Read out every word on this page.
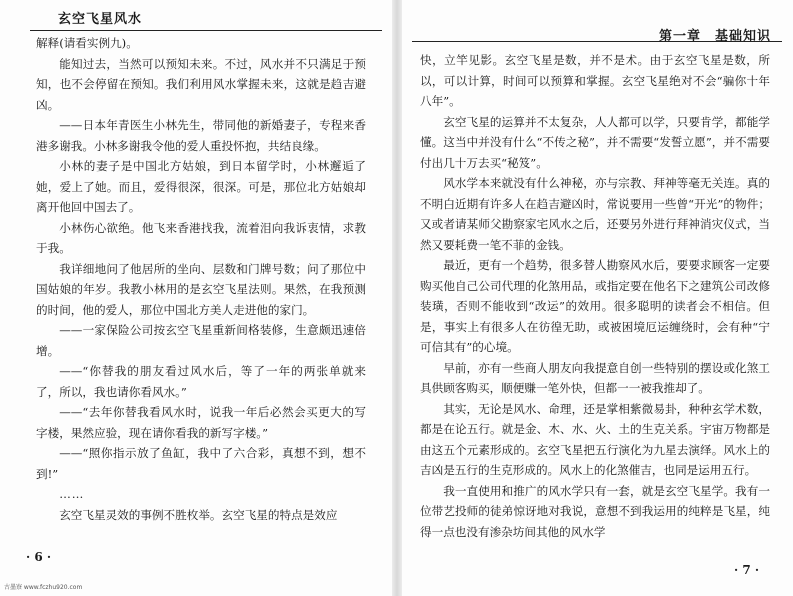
玄空飞星风水

解释(请看实例九)。

能知过去，当然可以预知未来。不过，风水并不只满足于预知，也不会停留在预知。我们利用风水掌握未来，这就是趋吉避凶。

——日本年青医生小林先生，带同他的新婚妻子，专程来香港多谢我。小林多谢我令他的爱人重投怀抱，共结良缘。

小林的妻子是中国北方姑娘，到日本留学时，小林邂逅了她，爱上了她。而且，爱得很深，很深。可是，那位北方姑娘却离开他回中国去了。

小林伤心欲绝。他飞来香港找我，流着泪向我诉衷情，求教于我。

我详细地问了他居所的坐向、层数和门牌号数；问了那位中国姑娘的年岁。我教小林用的是玄空飞星法则。果然，在我预测的时间，他的爱人，那位中国北方美人走进他的家门。

——一家保险公司按玄空飞星重新间格装修，生意颇迅速倍增。

——“你替我的朋友看过风水后，等了一年的两张单就来了，所以，我也请你看风水。”

——“去年你替我看风水时，说我一年后必然会买更大的写字楼，果然应验，现在请你看我的新写字楼。”

——“照你指示放了鱼缸，我中了六合彩，真想不到，想不到!”

……

玄空飞星灵效的事例不胜枚举。玄空飞星的特点是效应

· 6 ·
第一章　基础知识

快，立竿见影。玄空飞星是数，并不是术。由于玄空飞星是数，所以，可以计算，时间可以预算和掌握。玄空飞星绝对不会“骗你十年八年”。

玄空飞星的运算并不太复杂，人人都可以学，只要肯学，都能学懂。这当中并没有什么“不传之秘”，并不需要“发誓立愿”，并不需要付出几十万去买“秘笈”。

风水学本来就没有什么神秘，亦与宗教、拜神等毫无关连。真的不明白近期有许多人在趋吉避凶时，常说要用一些曾“开光”的物件；又或者请某师父勘察家宅风水之后，还要另外进行拜神消灾仪式，当然又要耗费一笔不菲的金钱。

最近，更有一个趋势，很多替人勘察风水后，要要求顾客一定要购买他自己公司代理的化煞用品，或指定要在他名下之建筑公司改修装璜，否则不能收到“改运”的效用。很多聪明的读者会不相信。但是，事实上有很多人在彷徨无助，或被困境厄运缠绕时，会有种“宁可信其有”的心境。

早前，亦有一些商人朋友向我提意自创一些特别的摆设或化煞工具供顾客购买，顺便赚一笔外快，但都一一被我推却了。

其实，无论是风水、命理，还是掌相紫微易卦，种种玄学术数，都是在论五行。就是金、木、水、火、土的生克关系。宇宙万物都是由这五个元素形成的。玄空飞星把五行演化为九星去演绎。风水上的吉凶是五行的生克形成的。风水上的化煞催吉，也同是运用五行。

我一直使用和推广的风水学只有一套，就是玄空飞星学。我有一位带艺投师的徒弟惊讶地对我说，意想不到我运用的纯粹是飞星，纯得一点也没有渗杂坊间其他的风水学

· 7 ·
古墨寮 www.fczhu920.com
